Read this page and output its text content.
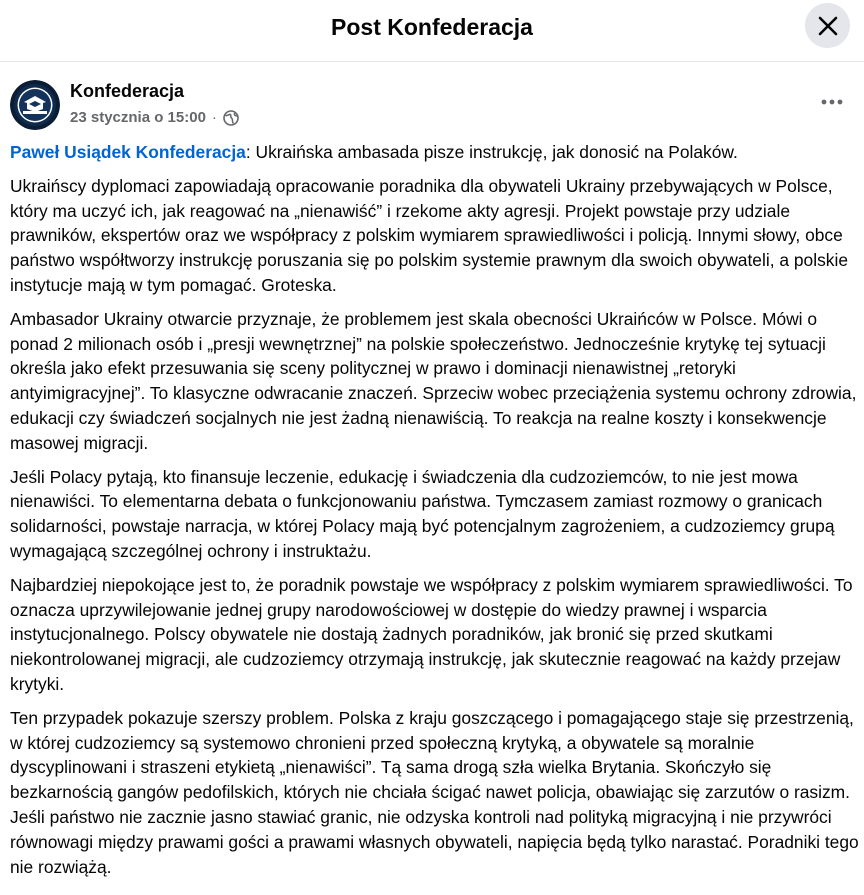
Post Konfederacja
Konfederacja
23 stycznia o 15:00 ·

Paweł Usiądek Konfederacja: Ukraińska ambasada pisze instrukcję, jak donosić na Polaków.

Ukraińscy dyplomaci zapowiadają opracowanie poradnika dla obywateli Ukrainy przebywających w Polsce, który ma uczyć ich, jak reagować na „nienawiść” i rzekome akty agresji. Projekt powstaje przy udziale prawników, ekspertów oraz we współpracy z polskim wymiarem sprawiedliwości i policją. Innymi słowy, obce państwo współtworzy instrukcję poruszania się po polskim systemie prawnym dla swoich obywateli, a polskie instytucje mają w tym pomagać. Groteska.

Ambasador Ukrainy otwarcie przyznaje, że problemem jest skala obecności Ukraińców w Polsce. Mówi o ponad 2 milionach osób i „presji wewnętrznej” na polskie społeczeństwo. Jednocześnie krytykę tej sytuacji określa jako efekt przesuwania się sceny politycznej w prawo i dominacji nienawistnej „retoryki antyimigracyjnej”. To klasyczne odwracanie znaczeń. Sprzeciw wobec przeciążenia systemu ochrony zdrowia, edukacji czy świadczeń socjalnych nie jest żadną nienawiścią. To reakcja na realne koszty i konsekwencje masowej migracji.

Jeśli Polacy pytają, kto finansuje leczenie, edukację i świadczenia dla cudzoziemców, to nie jest mowa nienawiści. To elementarna debata o funkcjonowaniu państwa. Tymczasem zamiast rozmowy o granicach solidarności, powstaje narracja, w której Polacy mają być potencjalnym zagrożeniem, a cudzoziemcy grupą wymagającą szczególnej ochrony i instruktażu.

Najbardziej niepokojące jest to, że poradnik powstaje we współpracy z polskim wymiarem sprawiedliwości. To oznacza uprzywilejowanie jednej grupy narodowościowej w dostępie do wiedzy prawnej i wsparcia instytucjonalnego. Polscy obywatele nie dostają żadnych poradników, jak bronić się przed skutkami niekontrolowanej migracji, ale cudzoziemcy otrzymają instrukcję, jak skutecznie reagować na każdy przejaw krytyki.

Ten przypadek pokazuje szerszy problem. Polska z kraju goszczącego i pomagającego staje się przestrzenią, w której cudzoziemcy są systemowo chronieni przed społeczną krytyką, a obywatele są moralnie dyscyplinowani i straszeni etykietą „nienawiści”. Tą sama drogą szła wielka Brytania. Skończyło się bezkarnością gangów pedofilskich, których nie chciała ścigać nawet policja, obawiając się zarzutów o rasizm. Jeśli państwo nie zacznie jasno stawiać granic, nie odzyska kontroli nad polityką migracyjną i nie przywróci równowagi między prawami gości a prawami własnych obywateli, napięcia będą tylko narastać. Poradniki tego nie rozwiążą.
